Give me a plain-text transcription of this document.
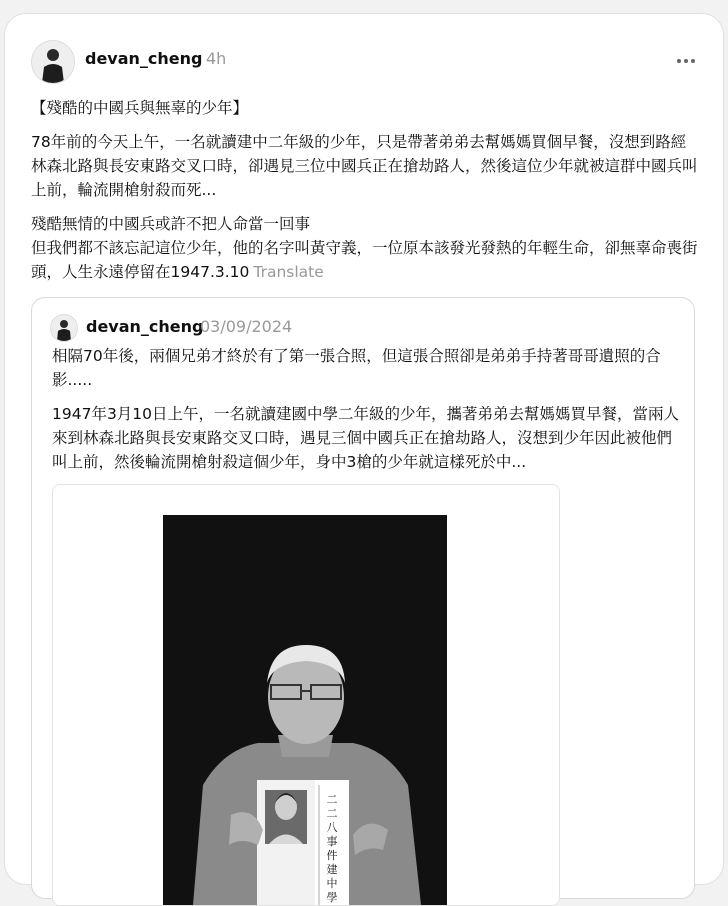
devan_cheng 4h
【殘酷的中國兵與無辜的少年】
78年前的今天上午，一名就讀建中二年級的少年，只是帶著弟弟去幫媽媽買個早餐，沒想到路經林森北路與長安東路交叉口時，卻遇見三位中國兵正在搶劫路人，然後這位少年就被這群中國兵叫上前，輪流開槍射殺而死...
殘酷無情的中國兵或許不把人命當一回事
但我們都不該忘記這位少年，他的名字叫黃守義，一位原本該發光發熱的年輕生命，卻無辜命喪街頭，人生永遠停留在1947.3.10 Translate
devan_cheng
03/09/2024
相隔70年後，兩個兄弟才終於有了第一張合照，但這張合照卻是弟弟手持著哥哥遺照的合影.....
1947年3月10日上午，一名就讀建國中學二年級的少年，攜著弟弟去幫媽媽買早餐，當兩人來到林森北路與長安東路交叉口時，遇見三個中國兵正在搶劫路人，沒想到少年因此被他們叫上前，然後輪流開槍射殺這個少年，身中3槍的少年就這樣死於中...
二
二
八
事
件
建
中
學
